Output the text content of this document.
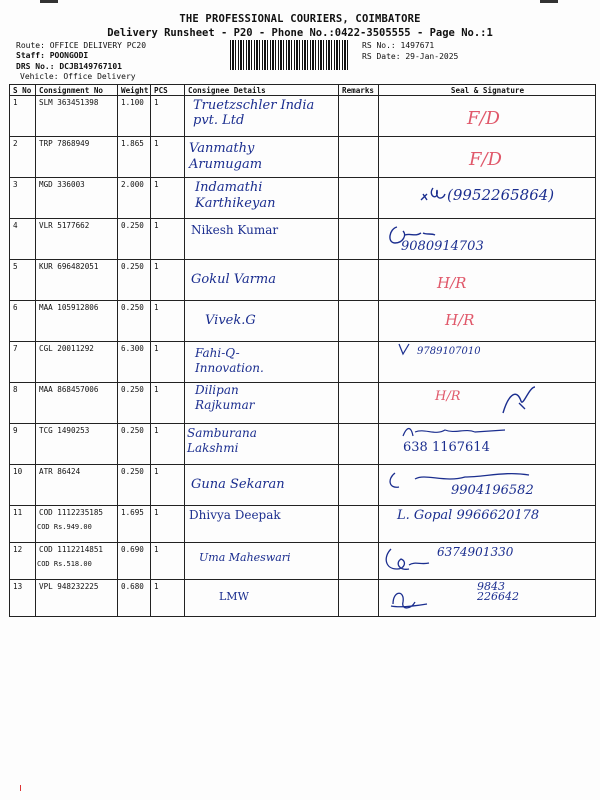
THE PROFESSIONAL COURIERS, COIMBATORE
Delivery Runsheet - P20 - Phone No.:0422-3505555 - Page No.:1
Route: OFFICE DELIVERY PC20
Staff: POONGODI
DRS No.: DCJB149767101
Vehicle: Office Delivery
RS No.: 1497671
RS Date: 29-Jan-2025
S No	Consignment No	Weight	PCS	Consignee Details	Remarks	Seal & Signature
1	SLM 363451398	1.100	1	Truetzschler India pvt. Ltd		F/D

2	TRP 7868949	1.865	1	Vanmathy Arumugam		F/D

3	MGD 336003	2.000	1	Indamathi Karthikeyan		(9952265864)

4	VLR 5177662	0.250	1	Nikesh Kumar		9080914703

5	KUR 696482051	0.250	1	Gokul Varma		H/R

6	MAA 105912806	0.250	1	Vivek.G		H/R

7	CGL 20011292	6.300	1	Fahi-Q-Innovation.		9789107010

8	MAA 868457006	0.250	1	Dilipan Rajkumar		H/R

9	TCG 1490253	0.250	1	Samburana Lakshmi		638 1167614

10	ATR 86424	0.250	1	Guna Sekaran		9904196582

11	COD 1112235185
COD Rs.949.00	1.695	1	Dhivya Deepak		L. Gopal 9966620178

12	COD 1112214851
COD Rs.518.00	0.690	1	Uma Maheswari		6374901330

13	VPL 948232225	0.680	1	LMW		9843 226642
